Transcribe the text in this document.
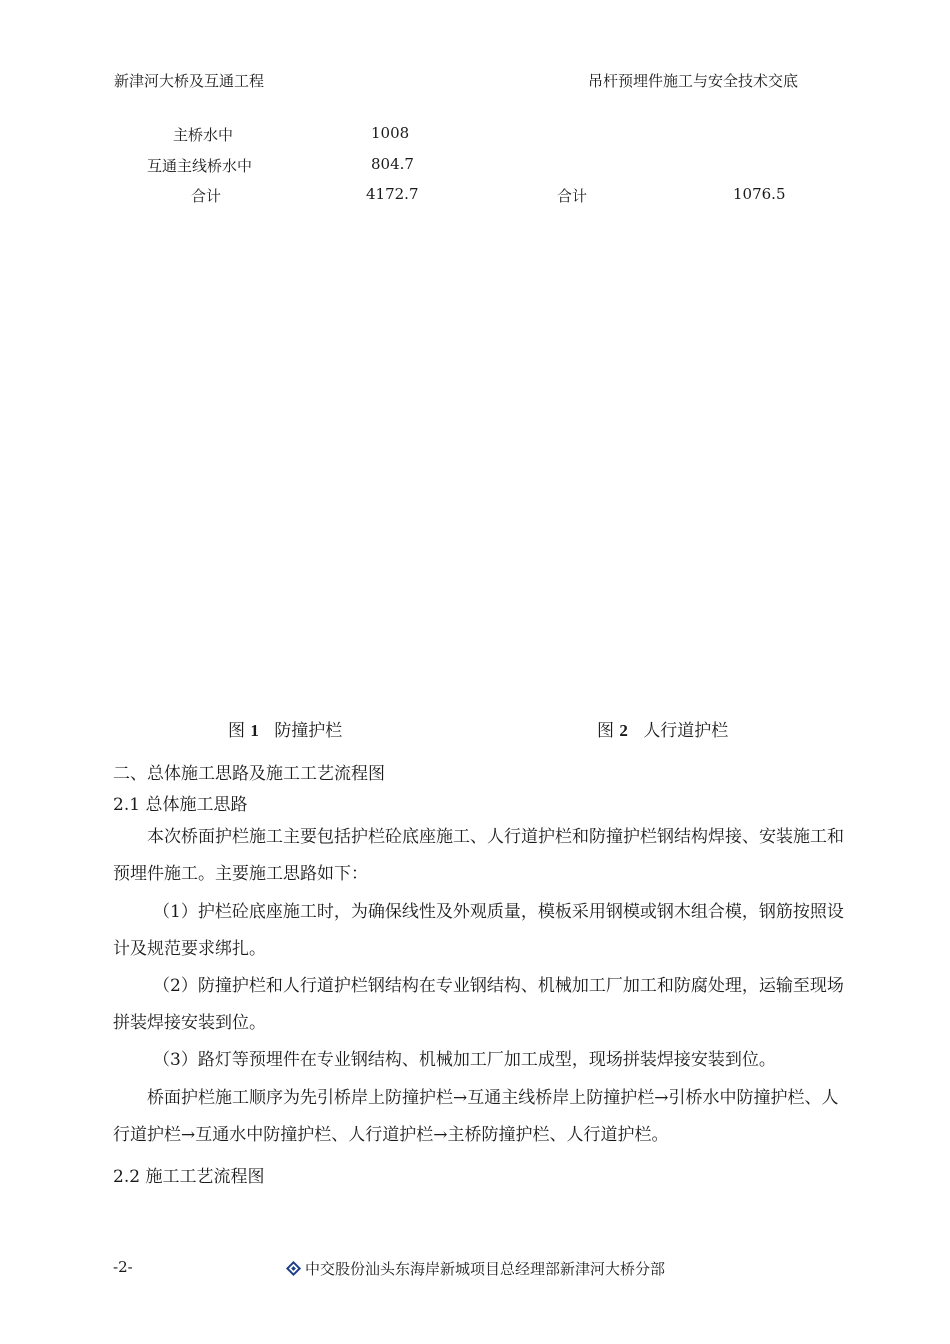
新津河大桥及互通工程	吊杆预埋件施工与安全技术交底
主桥水中	1008
互通主线桥水中	804.7
合计	4172.7	合计	1076.5
图 1 防撞护栏	图 2 人行道护栏
二、总体施工思路及施工工艺流程图
2.1 总体施工思路
本次桥面护栏施工主要包括护栏砼底座施工、人行道护栏和防撞护栏钢结构焊接、安装施工和预埋件施工。主要施工思路如下：
（1）护栏砼底座施工时，为确保线性及外观质量，模板采用钢模或钢木组合模，钢筋按照设计及规范要求绑扎。
（2）防撞护栏和人行道护栏钢结构在专业钢结构、机械加工厂加工和防腐处理，运输至现场拼装焊接安装到位。
（3）路灯等预埋件在专业钢结构、机械加工厂加工成型，现场拼装焊接安装到位。
桥面护栏施工顺序为先引桥岸上防撞护栏→互通主线桥岸上防撞护栏→引桥水中防撞护栏、人行道护栏→互通水中防撞护栏、人行道护栏→主桥防撞护栏、人行道护栏。
2.2 施工工艺流程图
-2-	中交股份汕头东海岸新城项目总经理部新津河大桥分部
